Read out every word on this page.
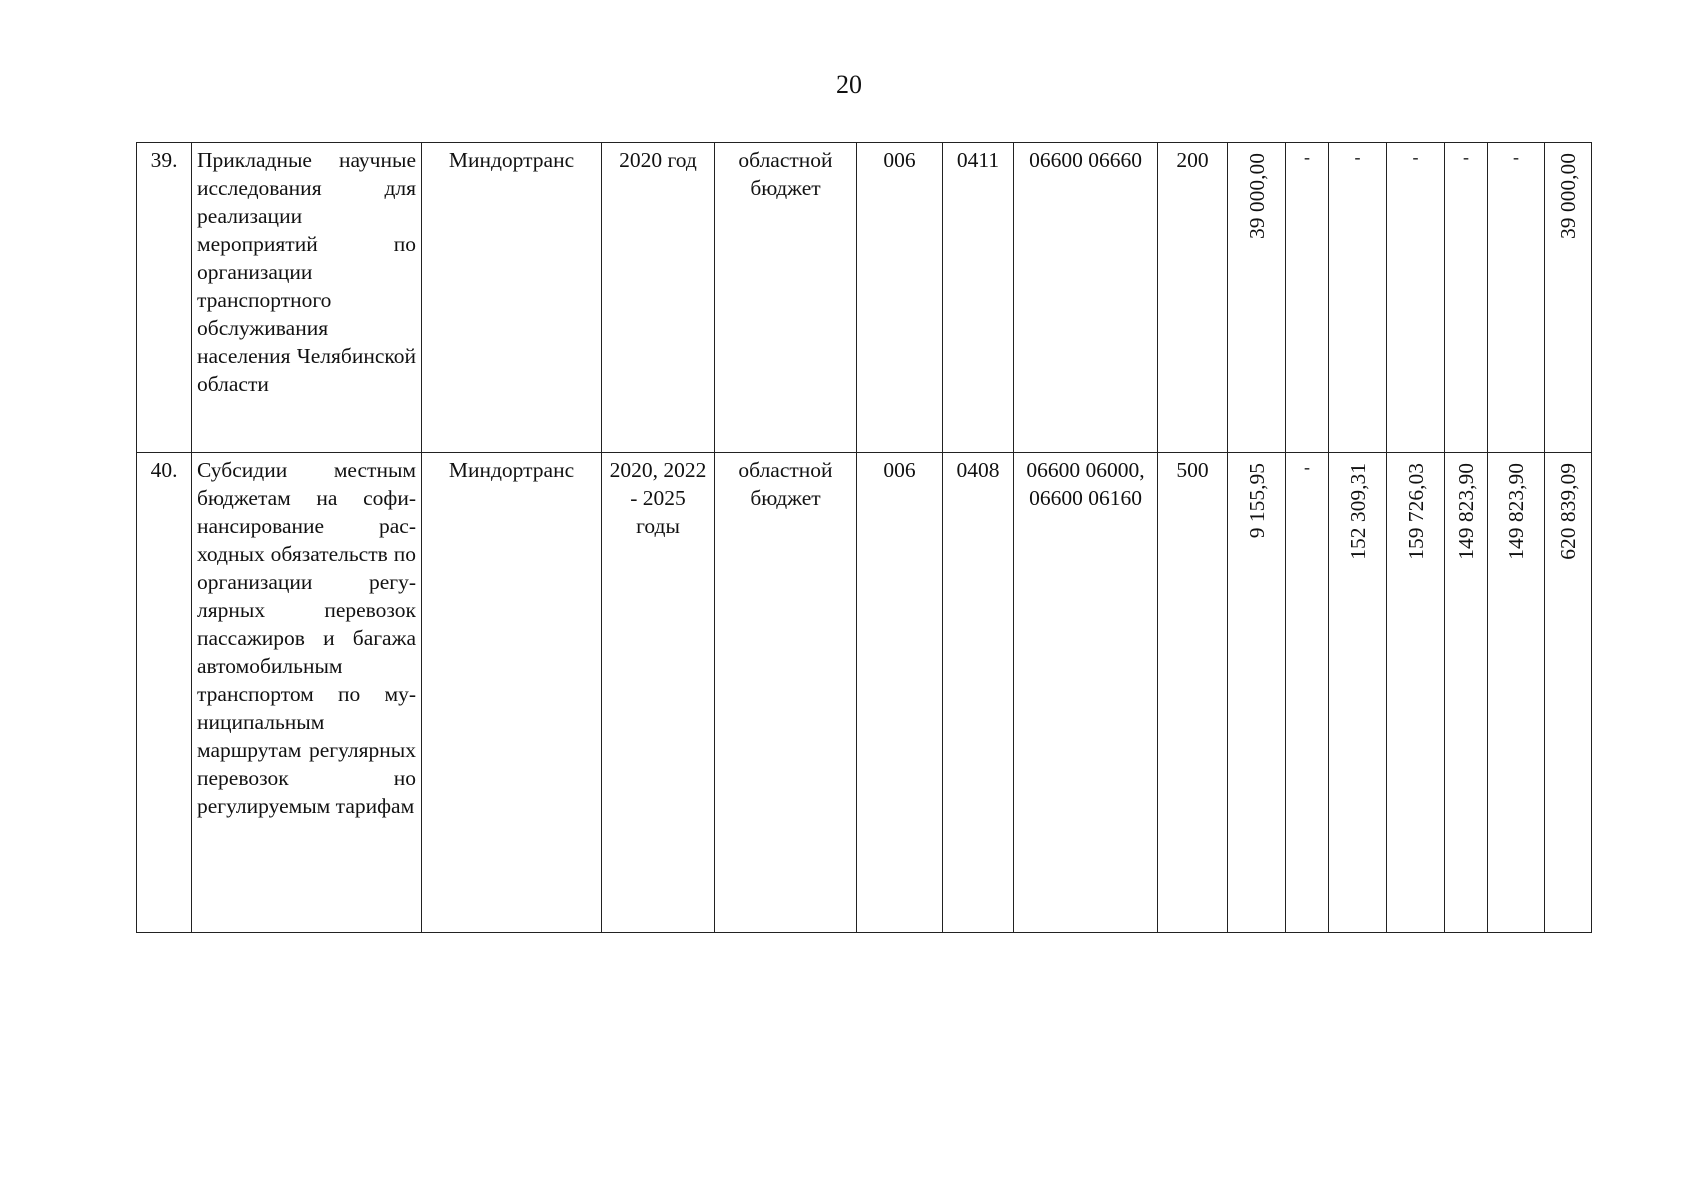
20
39.	Прикладные научные исследования для реализации мероприятий по организации транспортного обслуживания населения Челябинской области	Миндортранс	2020 год	областной бюджет	006	0411	06600 06660	200	39 000,00	-	-	-	-	-	39 000,00
40.	Субсидии местным бюджетам на софи-нансирование рас-ходных обязательств по организации регу-лярных перевозок пассажиров и багажа автомобильным транспортом по му-ниципальным маршрутам регулярных перевозок но регулируемым тарифам	Миндортранс	2020, 2022 - 2025 годы	областной бюджет	006	0408	06600 06000, 06600 06160	500	9 155,95	-	152 309,31	159 726,03	149 823,90	149 823,90	620 839,09
